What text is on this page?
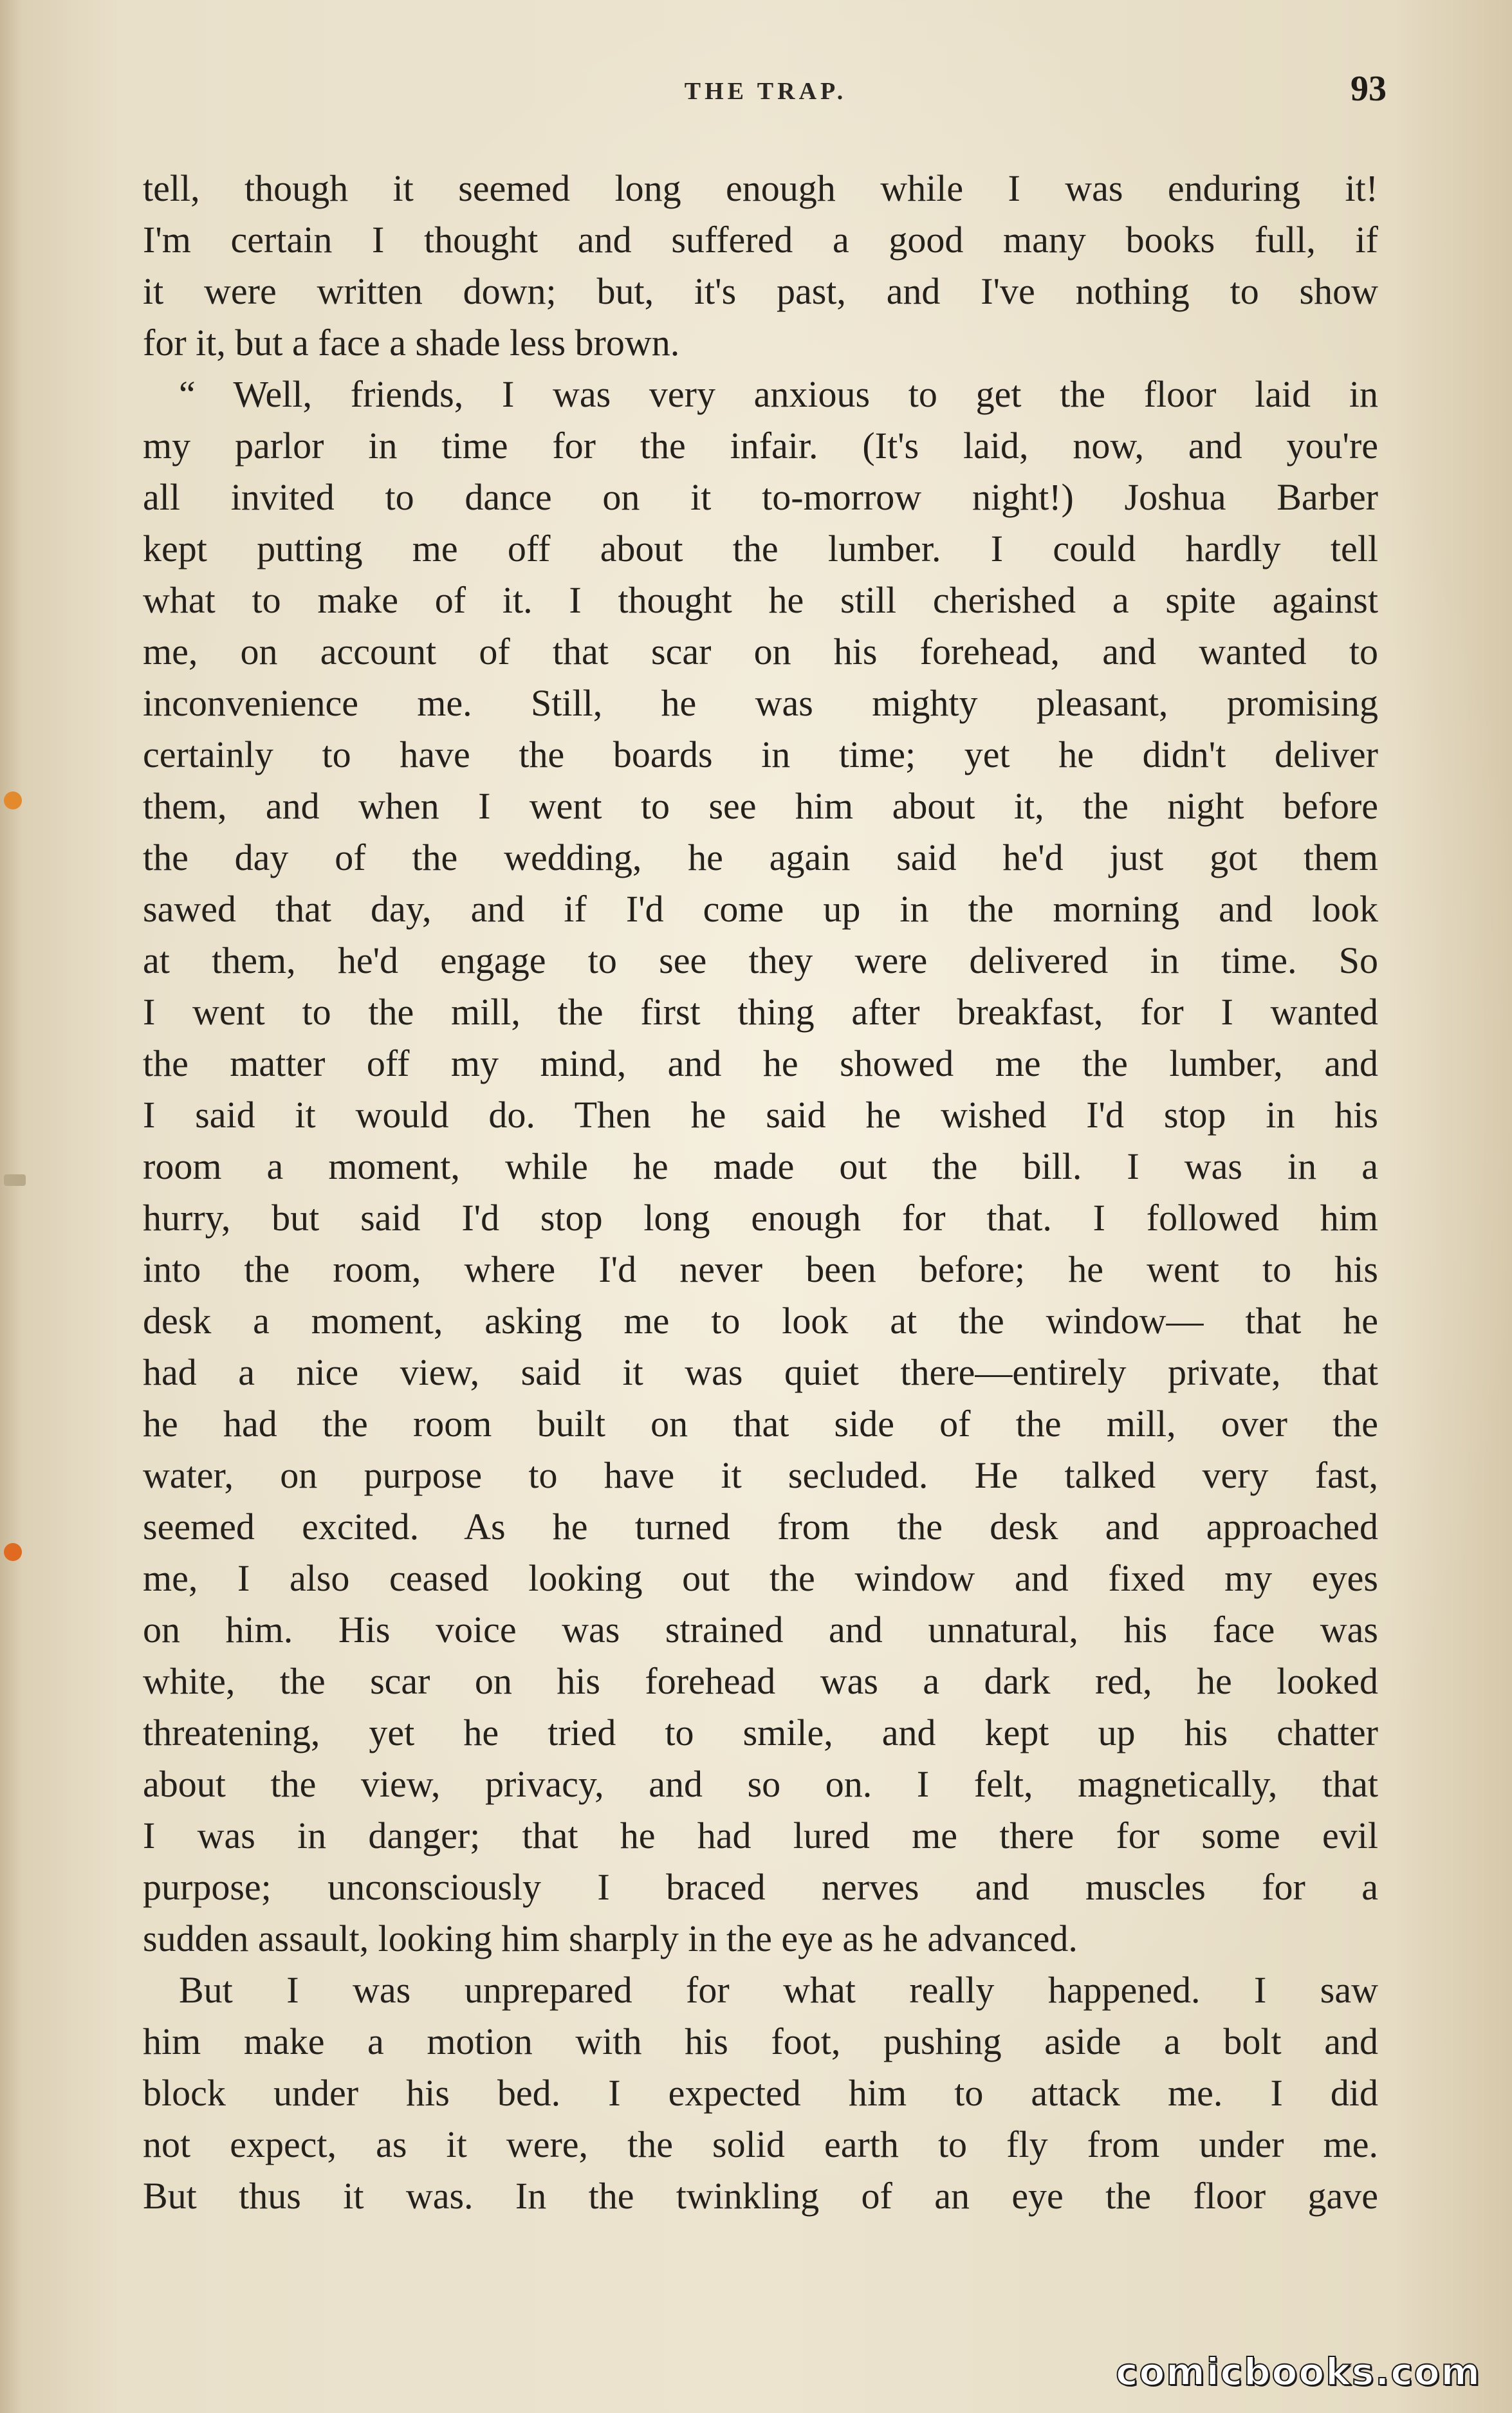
THE TRAP.	93
tell, though it seemed long enough while I was enduring it!
I'm certain I thought and suffered a good many books full, if
it were written down; but, it's past, and I've nothing to show
for it, but a face a shade less brown.
“ Well, friends, I was very anxious to get the floor laid in
my parlor in time for the infair. (It's laid, now, and you're
all invited to dance on it to-morrow night!) Joshua Barber
kept putting me off about the lumber. I could hardly tell
what to make of it. I thought he still cherished a spite against
me, on account of that scar on his forehead, and wanted to
inconvenience me. Still, he was mighty pleasant, promising
certainly to have the boards in time; yet he didn't deliver
them, and when I went to see him about it, the night before
the day of the wedding, he again said he'd just got them
sawed that day, and if I'd come up in the morning and look
at them, he'd engage to see they were delivered in time. So
I went to the mill, the first thing after breakfast, for I wanted
the matter off my mind, and he showed me the lumber, and
I said it would do. Then he said he wished I'd stop in his
room a moment, while he made out the bill. I was in a
hurry, but said I'd stop long enough for that. I followed him
into the room, where I'd never been before; he went to his
desk a moment, asking me to look at the window— that he
had a nice view, said it was quiet there—entirely private, that
he had the room built on that side of the mill, over the
water, on purpose to have it secluded. He talked very fast,
seemed excited. As he turned from the desk and approached
me, I also ceased looking out the window and fixed my eyes
on him. His voice was strained and unnatural, his face was
white, the scar on his forehead was a dark red, he looked
threatening, yet he tried to smile, and kept up his chatter
about the view, privacy, and so on. I felt, magnetically, that
I was in danger; that he had lured me there for some evil
purpose; unconsciously I braced nerves and muscles for a
sudden assault, looking him sharply in the eye as he advanced.
But I was unprepared for what really happened. I saw
him make a motion with his foot, pushing aside a bolt and
block under his bed. I expected him to attack me. I did
not expect, as it were, the solid earth to fly from under me.
But thus it was. In the twinkling of an eye the floor gave
comicbooks.com
